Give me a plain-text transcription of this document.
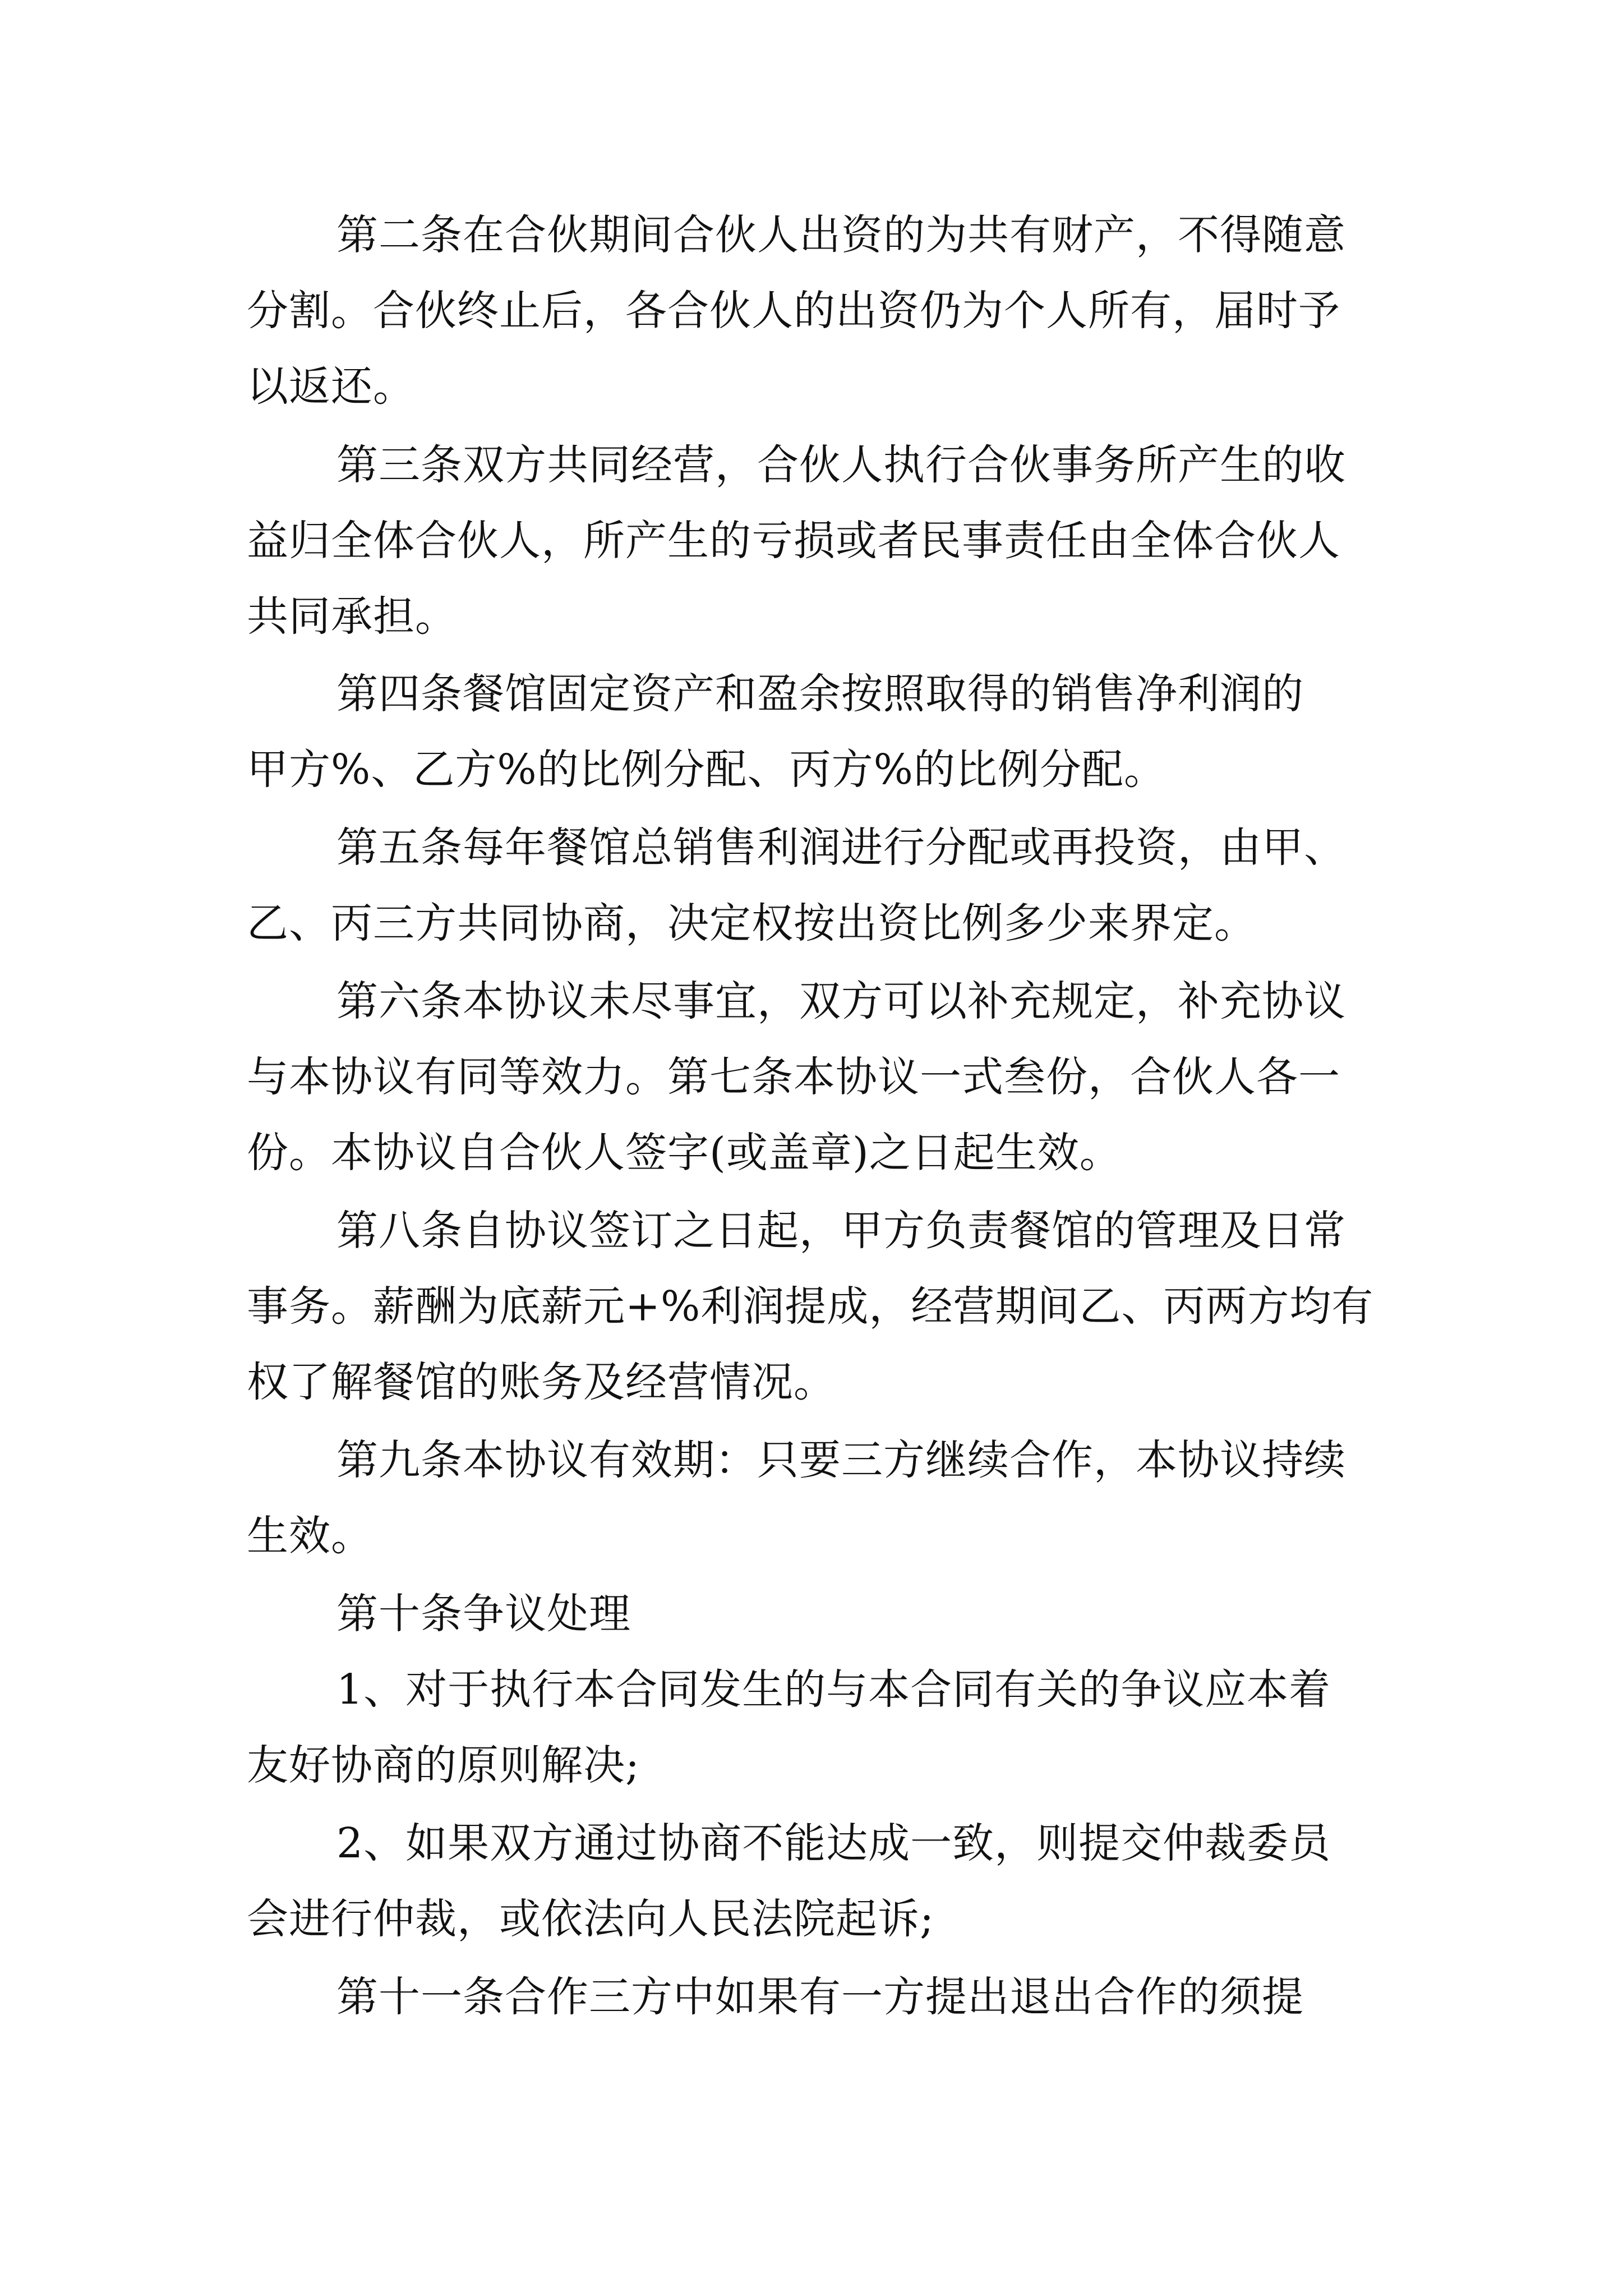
第二条在合伙期间合伙人出资的为共有财产，不得随意
分割。合伙终止后，各合伙人的出资仍为个人所有，届时予
以返还。
第三条双方共同经营，合伙人执行合伙事务所产生的收
益归全体合伙人，所产生的亏损或者民事责任由全体合伙人
共同承担。
第四条餐馆固定资产和盈余按照取得的销售净利润的
甲方%、乙方%的比例分配、丙方%的比例分配。
第五条每年餐馆总销售利润进行分配或再投资，由甲、
乙、丙三方共同协商，决定权按出资比例多少来界定。
第六条本协议未尽事宜，双方可以补充规定，补充协议
与本协议有同等效力。第七条本协议一式叁份，合伙人各一
份。本协议自合伙人签字(或盖章)之日起生效。
第八条自协议签订之日起，甲方负责餐馆的管理及日常
事务。薪酬为底薪元+%利润提成，经营期间乙、丙两方均有
权了解餐馆的账务及经营情况。
第九条本协议有效期：只要三方继续合作，本协议持续
生效。
第十条争议处理
1、对于执行本合同发生的与本合同有关的争议应本着
友好协商的原则解决;
2、如果双方通过协商不能达成一致，则提交仲裁委员
会进行仲裁，或依法向人民法院起诉;
第十一条合作三方中如果有一方提出退出合作的须提
